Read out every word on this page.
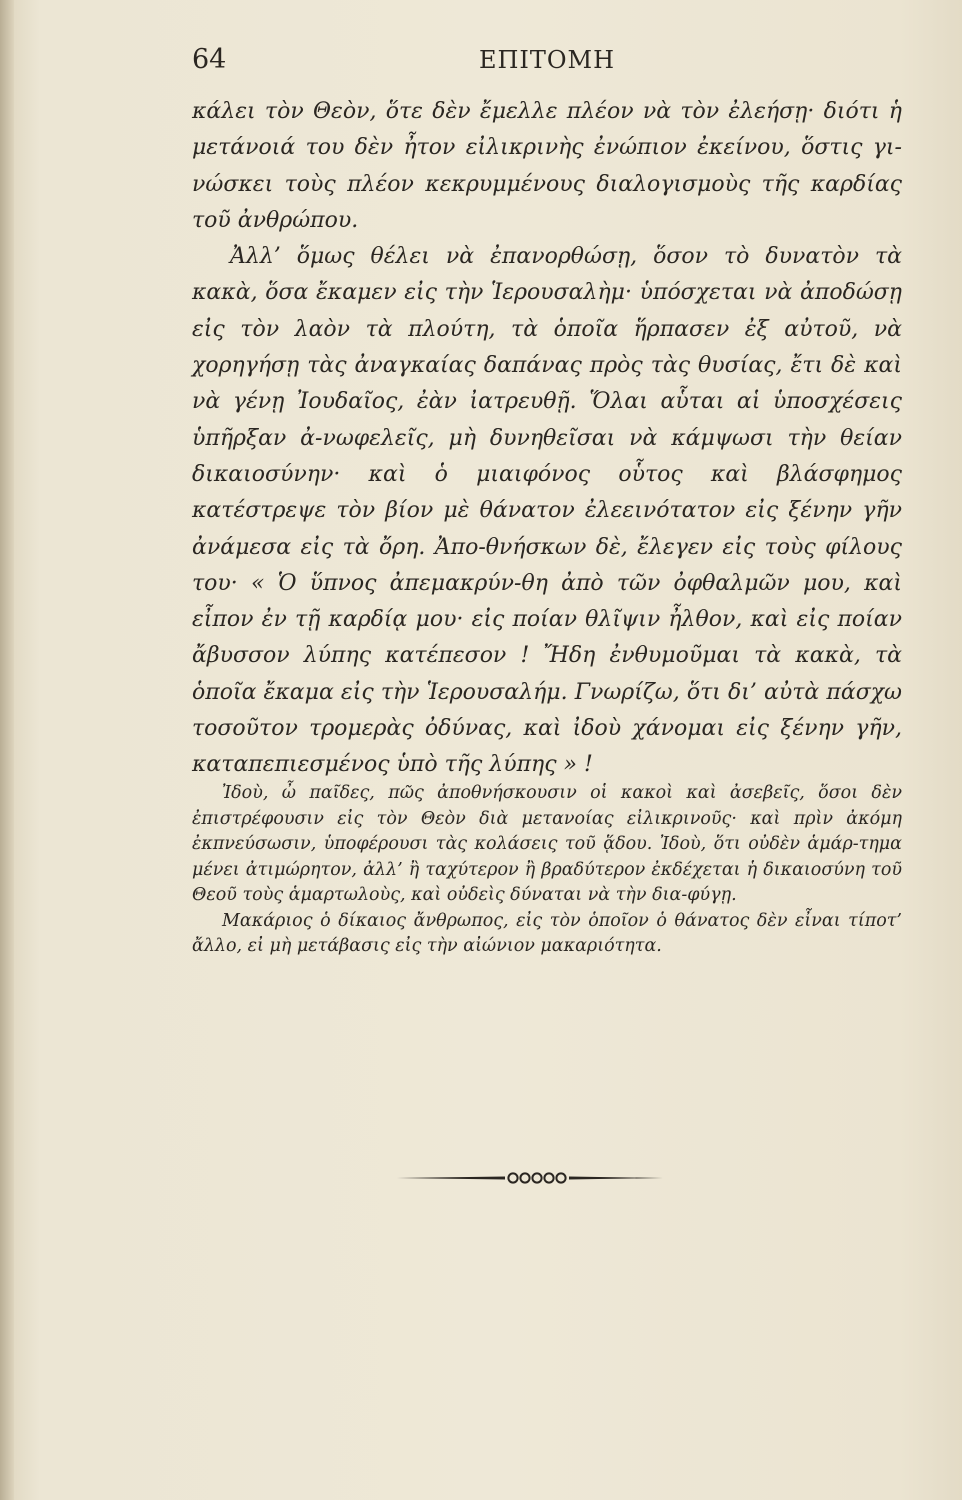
64	ΕΠΙΤΟΜΗ

κάλει τὸν Θεὸν, ὅτε δὲν ἔμελλε πλέον νὰ τὸν ἐλεήσῃ· διότι ἡ μετάνοιά του δὲν ἦτον εἰλικρινὴς ἐνώπιον ἐκείνου, ὅστις γι-νώσκει τοὺς πλέον κεκρυμμένους διαλογισμοὺς τῆς καρδίας τοῦ ἀνθρώπου.

Ἀλλ’ ὅμως θέλει νὰ ἐπανορθώσῃ, ὅσον τὸ δυνατὸν τὰ κακὰ, ὅσα ἔκαμεν εἰς τὴν Ἱερουσαλὴμ· ὑπόσχεται νὰ ἀποδώσῃ εἰς τὸν λαὸν τὰ πλούτη, τὰ ὁποῖα ἥρπασεν ἐξ αὐτοῦ, νὰ χορηγήσῃ τὰς ἀναγκαίας δαπάνας πρὸς τὰς θυσίας, ἔτι δὲ καὶ νὰ γένῃ Ἰουδαῖος, ἐὰν ἰατρευθῇ. Ὅλαι αὗται αἱ ὑποσχέσεις ὑπῆρξαν ἀ-νωφελεῖς, μὴ δυνηθεῖσαι νὰ κάμψωσι τὴν θείαν δικαιοσύνην· καὶ ὁ μιαιφόνος οὗτος καὶ βλάσφημος κατέστρεψε τὸν βίον μὲ θάνατον ἐλεεινότατον εἰς ξένην γῆν ἀνάμεσα εἰς τὰ ὄρη. Ἀπο-θνήσκων δὲ, ἔλεγεν εἰς τοὺς φίλους του· « Ὁ ὕπνος ἀπεμακρύν-θη ἀπὸ τῶν ὀφθαλμῶν μου, καὶ εἶπον ἐν τῇ καρδίᾳ μου· εἰς ποίαν θλῖψιν ἦλθον, καὶ εἰς ποίαν ἄβυσσον λύπης κατέπεσον ! Ἤδη ἐνθυμοῦμαι τὰ κακὰ, τὰ ὁποῖα ἔκαμα εἰς τὴν Ἱερουσαλήμ. Γνωρίζω, ὅτι δι’ αὐτὰ πάσχω τοσοῦτον τρομερὰς ὀδύνας, καὶ ἰδοὺ χάνομαι εἰς ξένην γῆν, καταπεπιεσμένος ὑπὸ τῆς λύπης » !

Ἰδοὺ, ὦ παῖδες, πῶς ἀποθνήσκουσιν οἱ κακοὶ καὶ ἀσεβεῖς, ὅσοι δὲν ἐπιστρέφουσιν εἰς τὸν Θεὸν διὰ μετανοίας εἰλικρινοῦς· καὶ πρὶν ἀκόμη ἐκπνεύσωσιν, ὑποφέρουσι τὰς κολάσεις τοῦ ᾅδου. Ἰδοὺ, ὅτι οὐδὲν ἁμάρ-τημα μένει ἀτιμώρητον, ἀλλ’ ἢ ταχύτερον ἢ βραδύτερον ἐκδέχεται ἡ δικαιοσύνη τοῦ Θεοῦ τοὺς ἁμαρτωλοὺς, καὶ οὐδεὶς δύναται νὰ τὴν δια-φύγῃ.

Μακάριος ὁ δίκαιος ἄνθρωπος, εἰς τὸν ὁποῖον ὁ θάνατος δὲν εἶναι τίποτ’ ἄλλο, εἰ μὴ μετάβασις εἰς τὴν αἰώνιον μακαριότητα.
